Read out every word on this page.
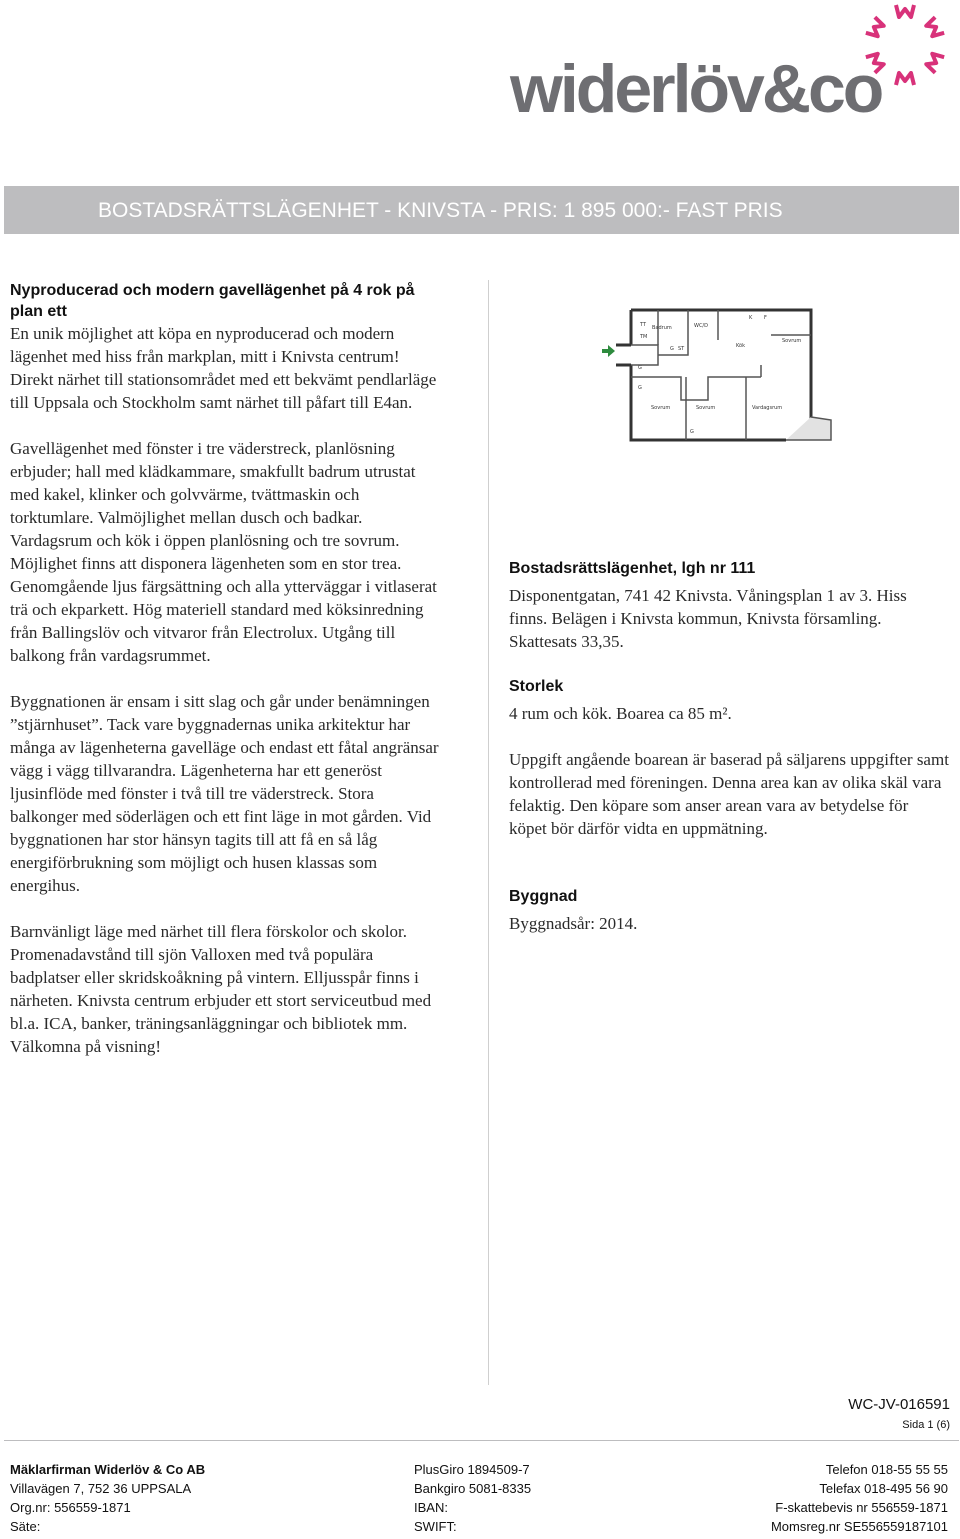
widerlöv&co
BOSTADSRÄTTSLÄGENHET - KNIVSTA - PRIS: 1 895 000:- FAST PRIS
Nyproducerad och modern gavellägenhet på 4 rok på plan ett

En unik möjlighet att köpa en nyproducerad och modern lägenhet med hiss från markplan, mitt i Knivsta centrum! Direkt närhet till stationsområdet med ett bekvämt pendlarläge till Uppsala och Stockholm samt närhet till påfart till E4an.

Gavellägenhet med fönster i tre väderstreck, planlösning erbjuder; hall med klädkammare, smakfullt badrum utrustat med kakel, klinker och golvvärme, tvättmaskin och torktumlare. Valmöjlighet mellan dusch och badkar. Vardagsrum och kök i öppen planlösning och tre sovrum. Möjlighet finns att disponera lägenheten som en stor trea. Genomgående ljus färgsättning och alla ytterväggar i vitlaserat trä och ekparkett. Hög materiell standard med köksinredning från Ballingslöv och vitvaror från Electrolux. Utgång till balkong från vardagsrummet.

Byggnationen är ensam i sitt slag och går under benämningen ”stjärnhuset”. Tack vare byggnadernas unika arkitektur har många av lägenheterna gavelläge och endast ett fåtal angränsar vägg i vägg tillvarandra. Lägenheterna har ett generöst ljusinflöde med fönster i två till tre väderstreck. Stora balkonger med söderlägen och ett fint läge in mot gården. Vid byggnationen har stor hänsyn tagits till att få en så låg energiförbrukning som möjligt och husen klassas som energihus.

Barnvänligt läge med närhet till flera förskolor och skolor. Promenadavstånd till sjön Valloxen med två populära badplatser eller skridskoåkning på vintern. Elljusspår finns i närheten. Knivsta centrum erbjuder ett stort serviceutbud med bl.a. ICA, banker, träningsanläggningar och bibliotek mm. Välkomna på visning!

TT
TM
Badrum	WC/D
G ST
K F
Kök
Sovrum
Sovrum	Sovrum	Vardagsrum
G
G
G
Bostadsrättslägenhet, lgh nr 111

Disponentgatan, 741 42 Knivsta. Våningsplan 1 av 3. Hiss finns. Belägen i Knivsta kommun, Knivsta församling.

Skattesats 33,35.

Storlek

4 rum och kök. Boarea ca 85 m².

Uppgift angående boarean är baserad på säljarens uppgifter samt kontrollerad med föreningen. Denna area kan av olika skäl vara felaktig. Den köpare som anser arean vara av betydelse för köpet bör därför vidta en uppmätning.

Byggnad

Byggnadsår: 2014.

WC-JV-016591
Sida 1 (6)
Mäklarfirman Widerlöv & Co AB	PlusGiro 1894509-7	Telefon 018-55 55 55
Villavägen 7, 752 36 UPPSALA	Bankgiro 5081-8335	Telefax 018-495 56 90
Org.nr: 556559-1871	IBAN:	F-skattebevis nr 556559-1871
Säte:	SWIFT:	Momsreg.nr SE556559187101
